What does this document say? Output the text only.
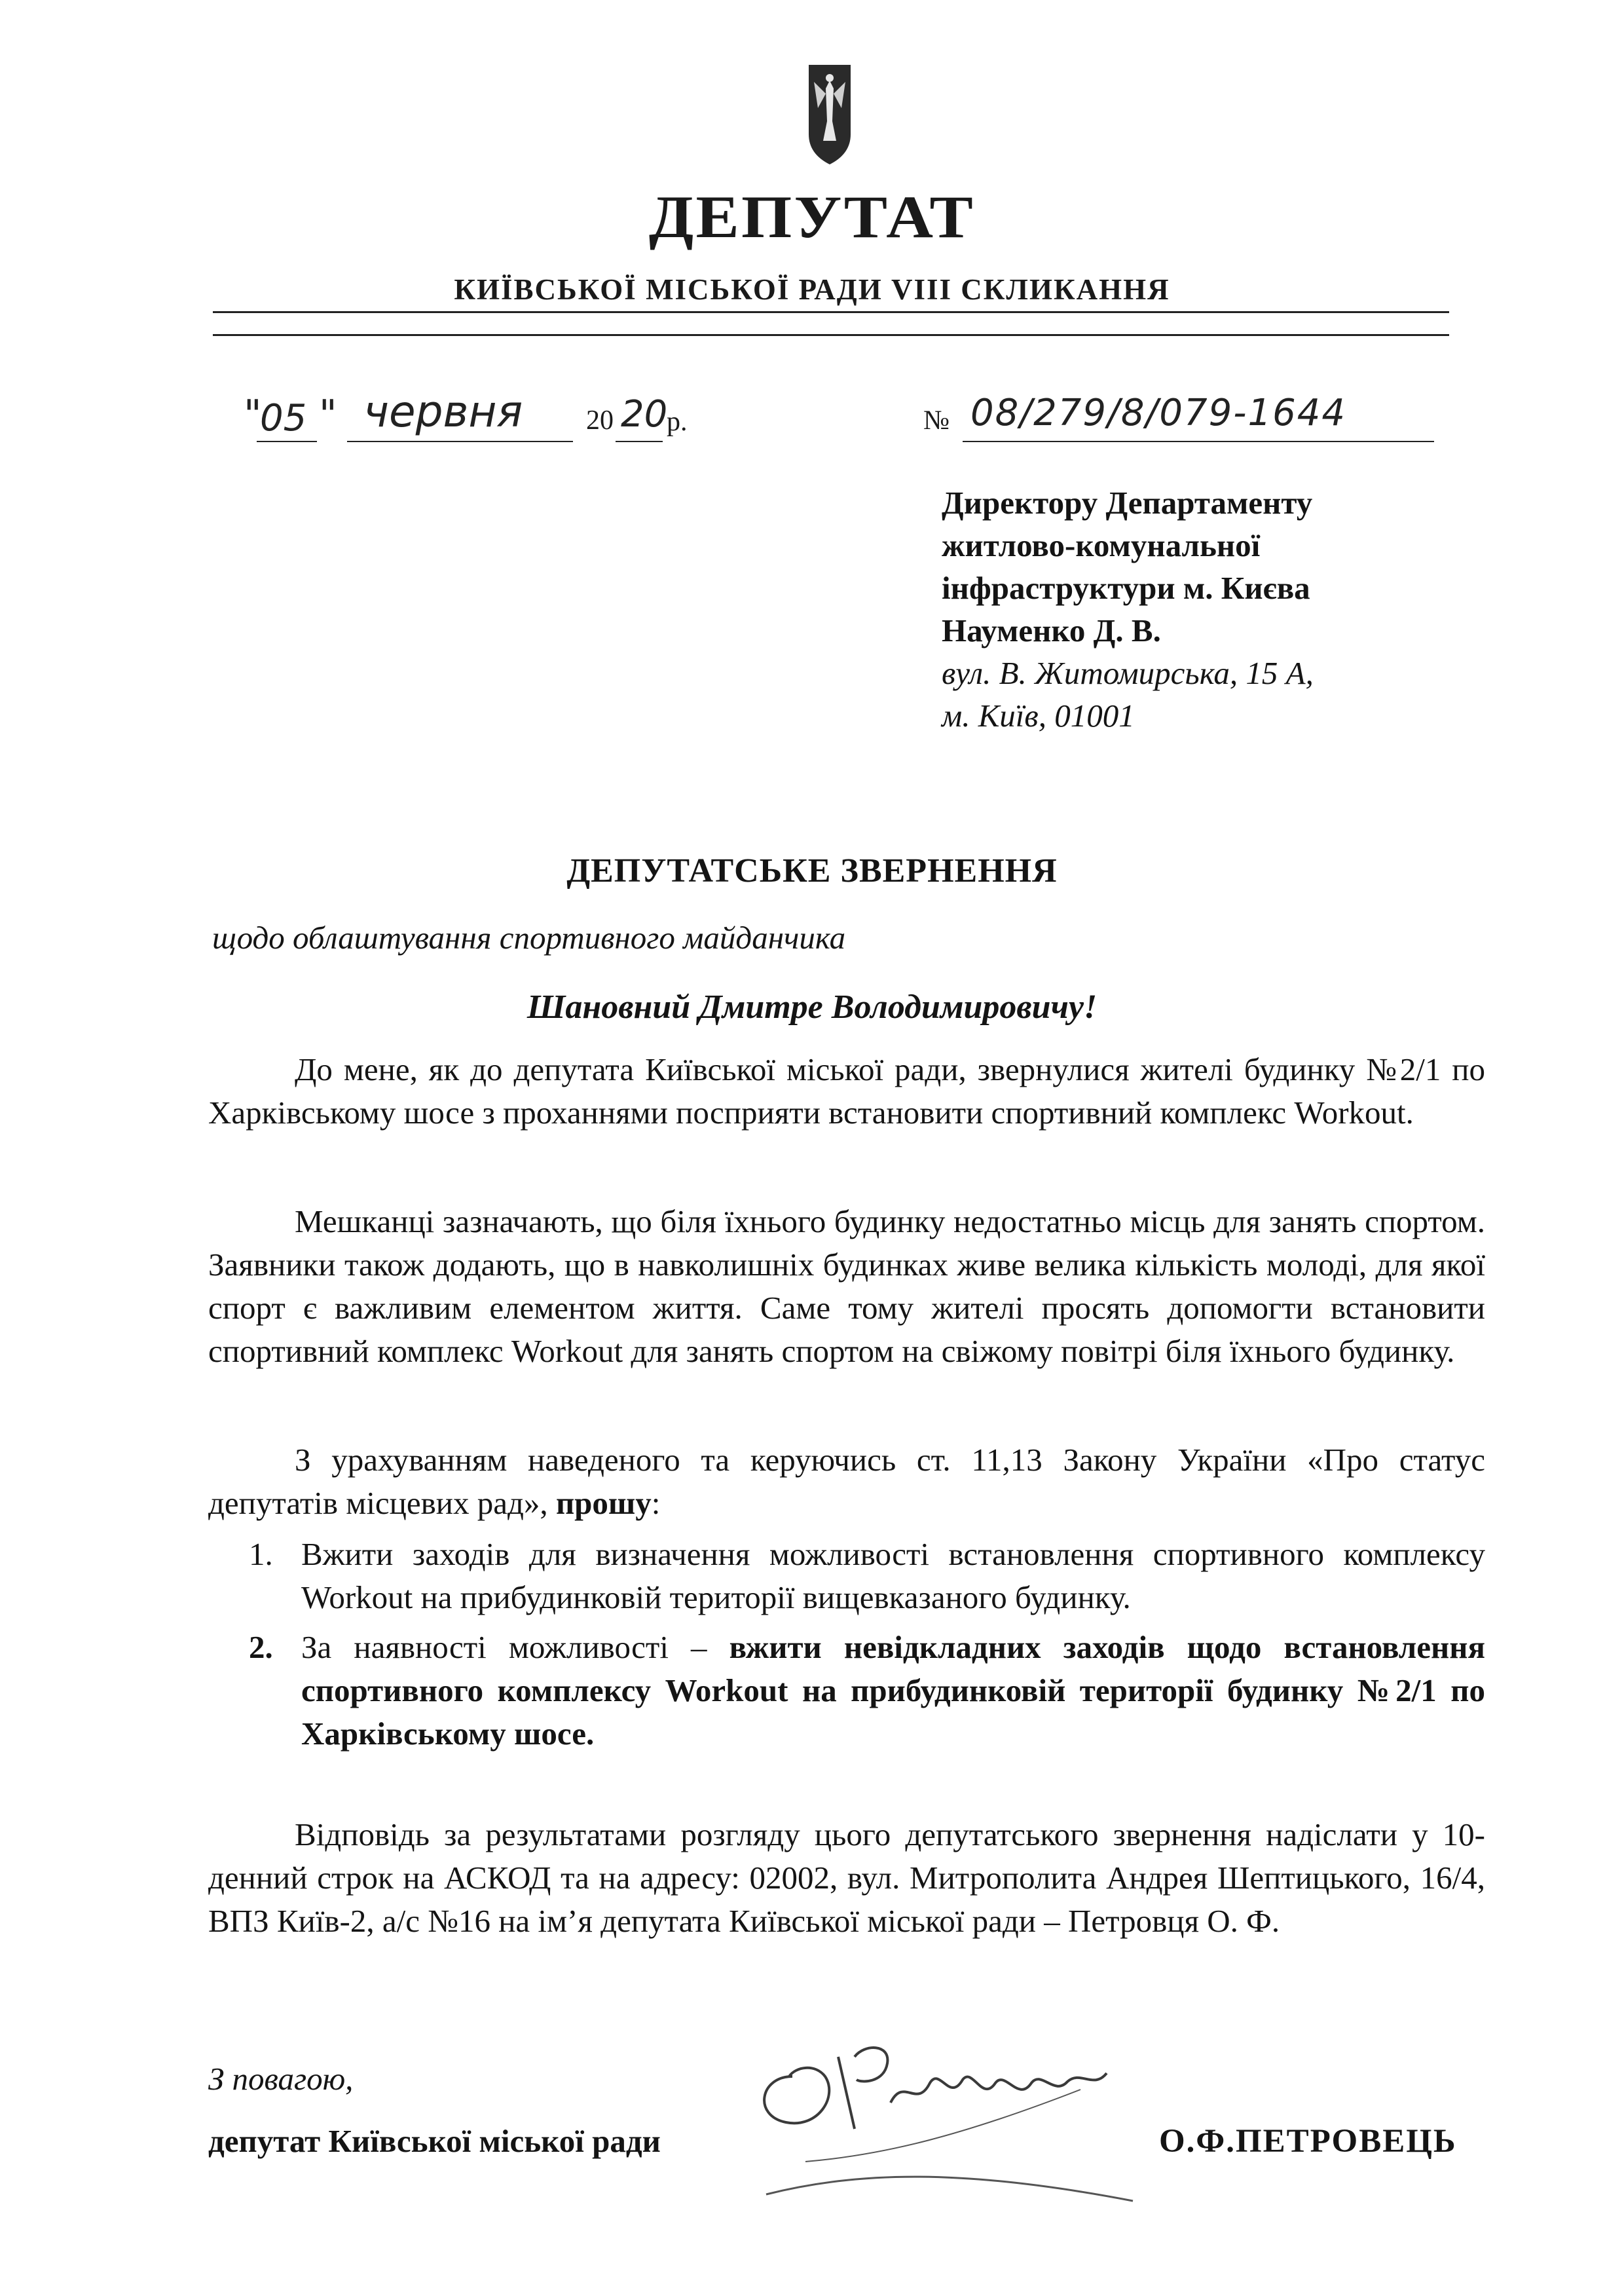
ДЕПУТАТ
КИЇВСЬКОЇ МІСЬКОЇ РАДИ VIII СКЛИКАННЯ
"
05 " червня 20 20
р.	№ 08/279/8/079-1644
Директору Департаменту
житлово-комунальної
інфраструктури м. Києва
Науменко Д. В.
вул. В. Житомирська, 15 А,
м. Київ, 01001
ДЕПУТАТСЬКЕ ЗВЕРНЕННЯ
щодо облаштування спортивного майданчика
Шановний Дмитре Володимировичу!
До мене, як до депутата Київської міської ради, звернулися жителі будинку №2/1 по Харківському шосе з проханнями посприяти встановити спортивний комплекс Workout.
Мешканці зазначають, що біля їхнього будинку недостатньо місць для занять спортом. Заявники також додають, що в навколишніх будинках живе велика кількість молоді, для якої спорт є важливим елементом життя. Саме тому жителі просять допомогти встановити спортивний комплекс Workout для занять спортом на свіжому повітрі біля їхнього будинку.
З урахуванням наведеного та керуючись ст. 11,13 Закону України «Про статус депутатів місцевих рад», прошу:
1. Вжити заходів для визначення можливості встановлення спортивного комплексу Workout на прибудинковій території вищевказаного будинку.
2. За наявності можливості – вжити невідкладних заходів щодо встановлення спортивного комплексу Workout на прибудинковій території будинку №2/1 по Харківському шосе.
Відповідь за результатами розгляду цього депутатського звернення надіслати у 10-денний строк на АСКОД та на адресу: 02002, вул. Митрополита Андрея Шептицького, 16/4, ВПЗ Київ-2, а/с №16 на ім’я депутата Київської міської ради – Петровця О. Ф.
З повагою,
депутат Київської міської ради	О.Ф.ПЕТРОВЕЦЬ
